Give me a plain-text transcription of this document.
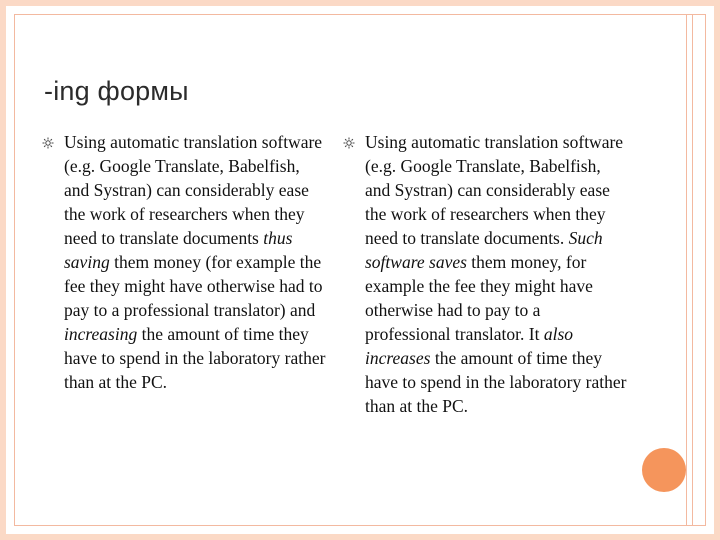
-ing формы

Using automatic translation software (e.g. Google Translate, Babelfish, and Systran) can considerably ease the work of researchers when they need to translate documents thus saving them money (for example the fee they might have otherwise had to pay to a professional translator) and increasing the amount of time they have to spend in the laboratory rather than at the PC.

Using automatic translation software (e.g. Google Translate, Babelfish, and Systran) can considerably ease the work of researchers when they need to translate documents. Such software saves them money, for example the fee they might have otherwise had to pay to a professional translator. It also increases the amount of time they have to spend in the laboratory rather than at the PC.
